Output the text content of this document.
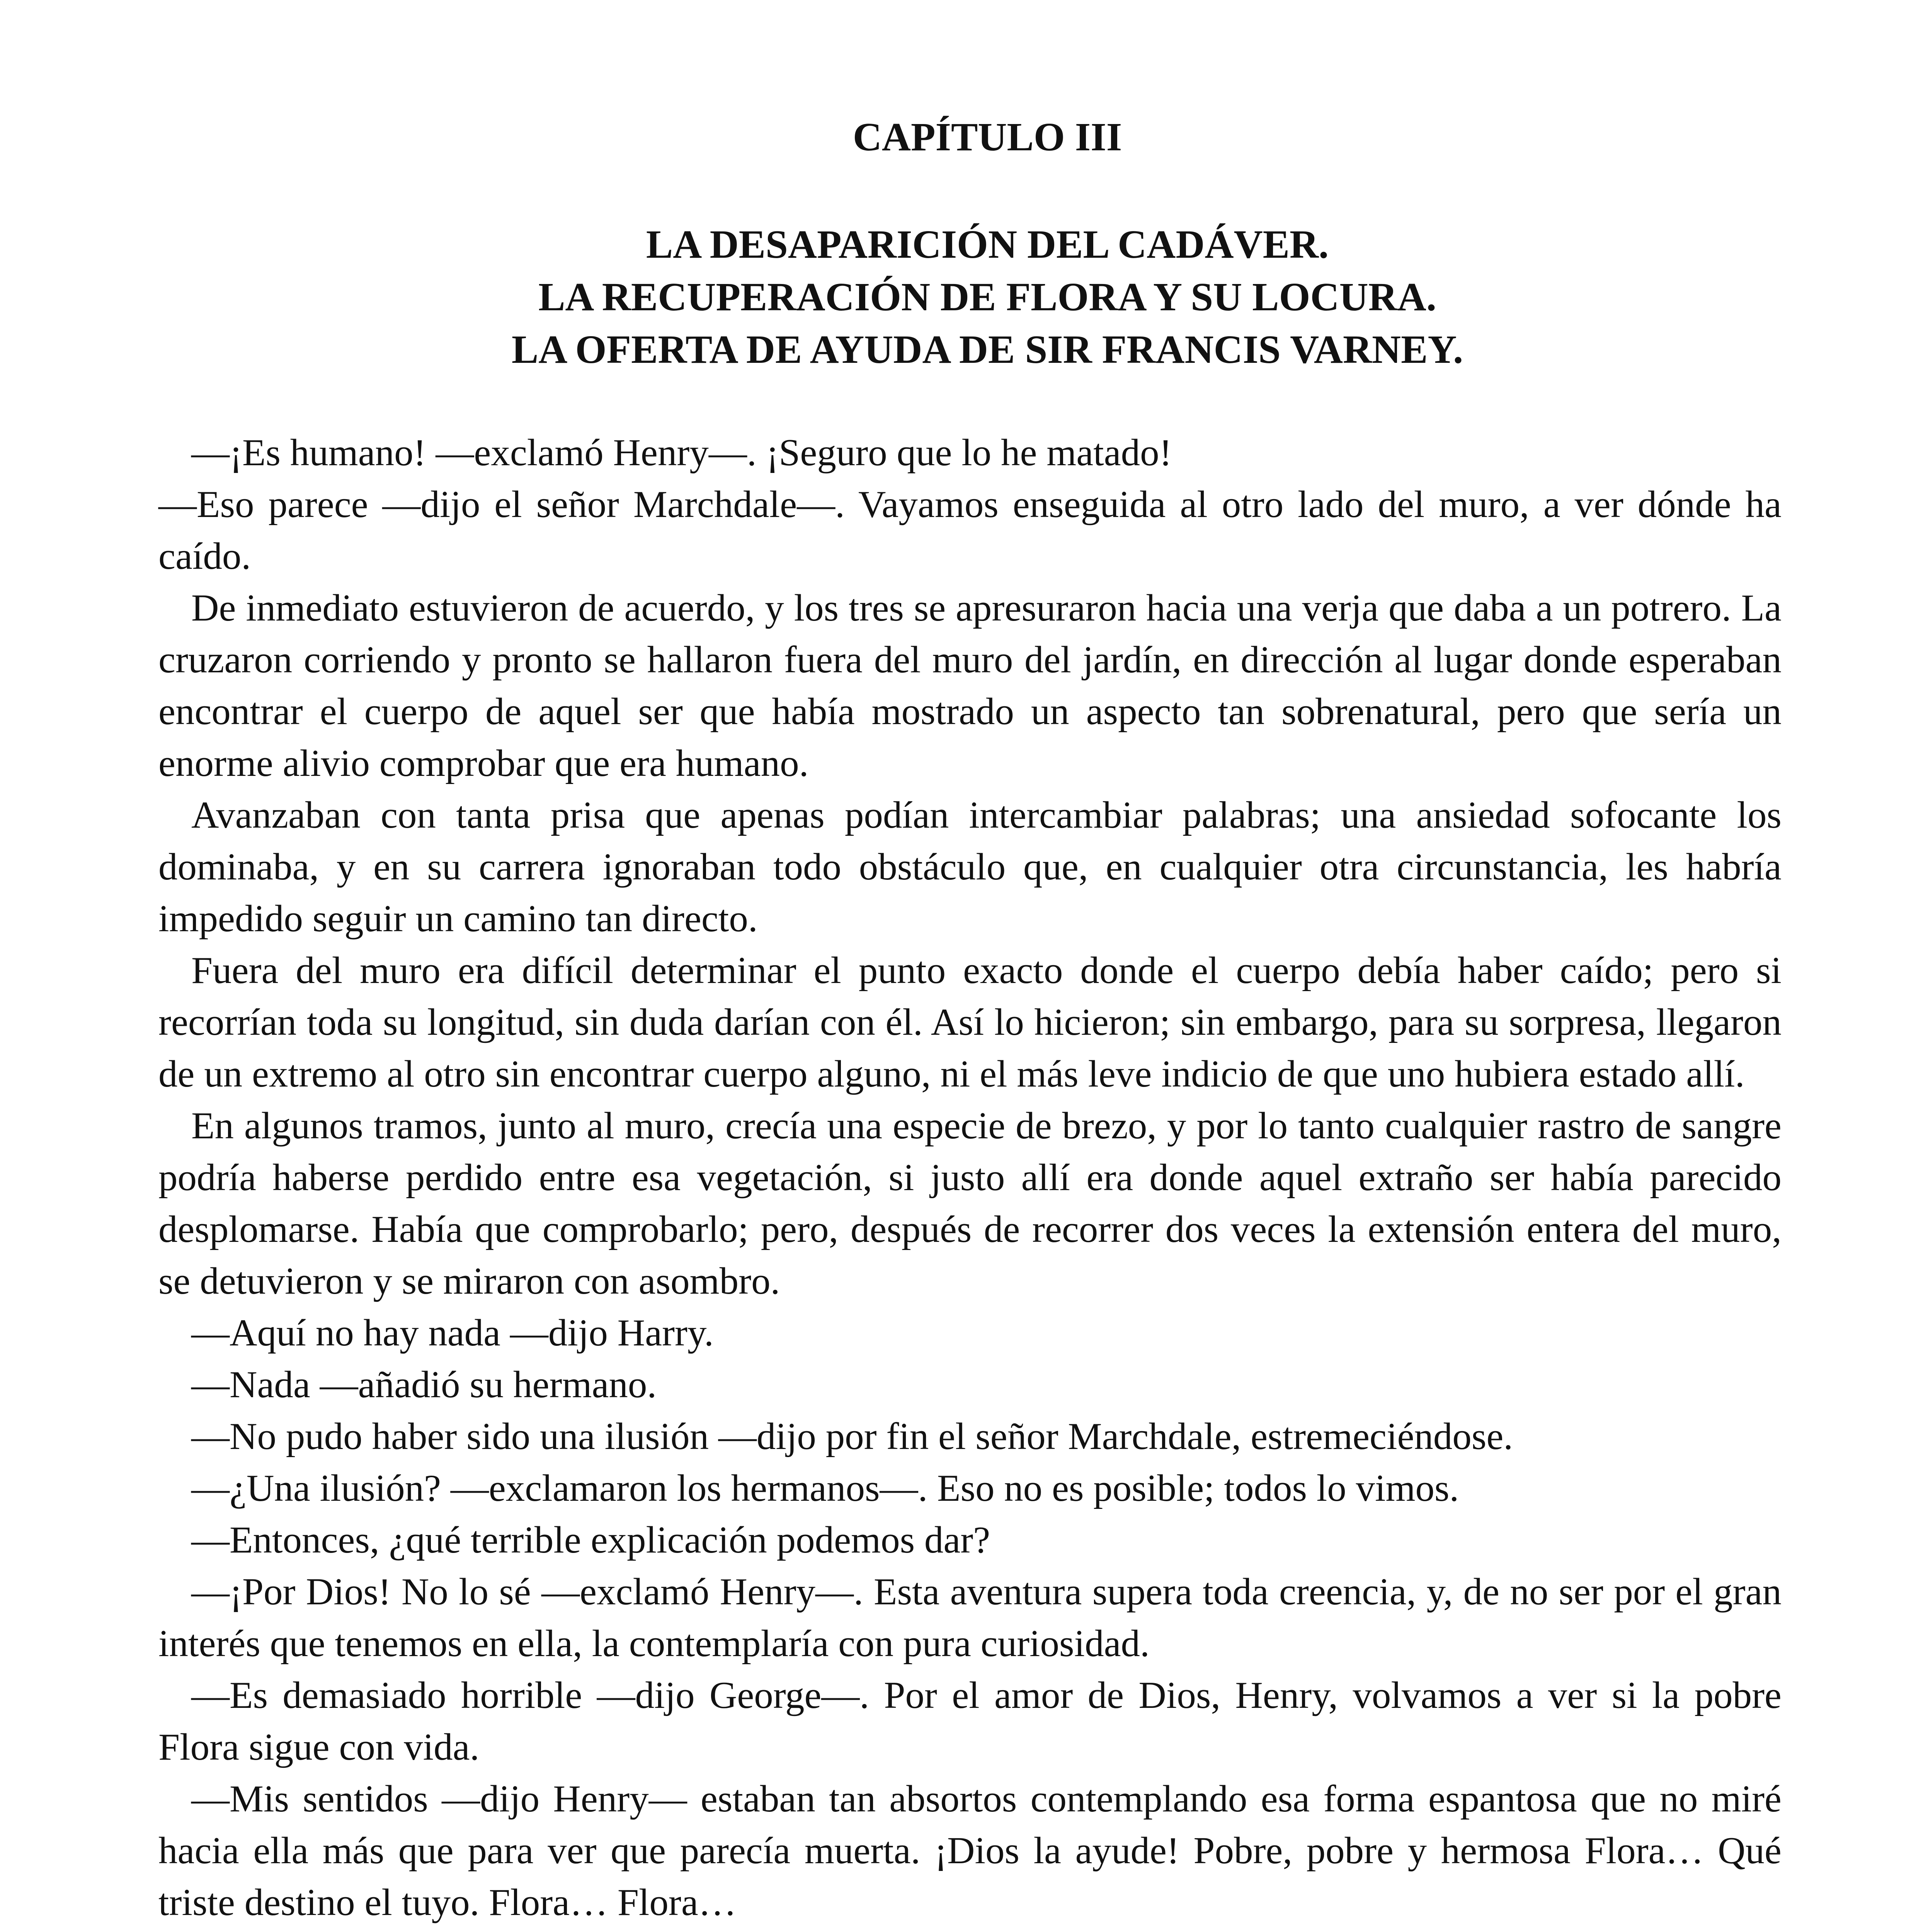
CAPÍTULO III
LA DESAPARICIÓN DEL CADÁVER.
LA RECUPERACIÓN DE FLORA Y SU LOCURA.
LA OFERTA DE AYUDA DE SIR FRANCIS VARNEY.

—¡Es humano! —exclamó Henry—. ¡Seguro que lo he matado!

—Eso parece —dijo el señor Marchdale—. Vayamos enseguida al otro lado del muro, a ver dónde ha caído.

De inmediato estuvieron de acuerdo, y los tres se apresuraron hacia una verja que daba a un potrero. La cruzaron corriendo y pronto se hallaron fuera del muro del jardín, en dirección al lugar donde esperaban encontrar el cuerpo de aquel ser que había mostrado un aspecto tan sobrenatural, pero que sería un enorme alivio comprobar que era humano.

Avanzaban con tanta prisa que apenas podían intercambiar palabras; una ansiedad sofocante los dominaba, y en su carrera ignoraban todo obstáculo que, en cualquier otra circunstancia, les habría impedido seguir un camino tan directo.

Fuera del muro era difícil determinar el punto exacto donde el cuerpo debía haber caído; pero si recorrían toda su longitud, sin duda darían con él. Así lo hicieron; sin embargo, para su sorpresa, llegaron de un extremo al otro sin encontrar cuerpo alguno, ni el más leve indicio de que uno hubiera estado allí.

En algunos tramos, junto al muro, crecía una especie de brezo, y por lo tanto cualquier rastro de sangre podría haberse perdido entre esa vegetación, si justo allí era donde aquel extraño ser había parecido desplomarse. Había que comprobarlo; pero, después de recorrer dos veces la extensión entera del muro, se detuvieron y se miraron con asombro.

—Aquí no hay nada —dijo Harry.

—Nada —añadió su hermano.

—No pudo haber sido una ilusión —dijo por fin el señor Marchdale, estremeciéndose.

—¿Una ilusión? —exclamaron los hermanos—. Eso no es posible; todos lo vimos.

—Entonces, ¿qué terrible explicación podemos dar?

—¡Por Dios! No lo sé —exclamó Henry—. Esta aventura supera toda creencia, y, de no ser por el gran interés que tenemos en ella, la contemplaría con pura curiosidad.

—Es demasiado horrible —dijo George—. Por el amor de Dios, Henry, volvamos a ver si la pobre Flora sigue con vida.

—Mis sentidos —dijo Henry— estaban tan absortos contemplando esa forma espantosa que no miré hacia ella más que para ver que parecía muerta. ¡Dios la ayude! Pobre, pobre y hermosa Flora… Qué triste destino el tuyo. Flora… Flora…
